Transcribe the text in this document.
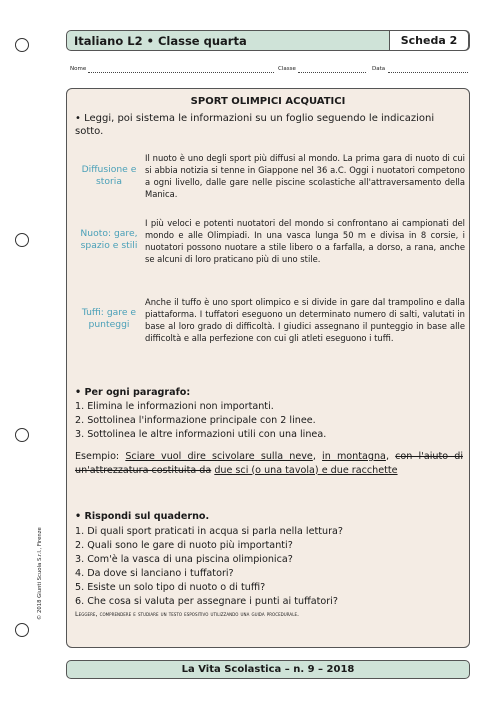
Italiano L2 • Classe quarta	Scheda 2
Nome	Classe	Data
SPORT OLIMPICI ACQUATICI
• Leggi, poi sistema le informazioni su un foglio seguendo le indicazioni sotto.
Diffusione e storia
Il nuoto è uno degli sport più diffusi al mondo. La prima gara di nuoto di cui si abbia notizia si tenne in Giappone nel 36 a.C. Oggi i nuotatori competono a ogni livello, dalle gare nelle piscine scolastiche all'attraversamento della Manica.
Nuoto: gare, spazio e stili
I più veloci e potenti nuotatori del mondo si confrontano ai campionati del mondo e alle Olimpiadi. In una vasca lunga 50 m e divisa in 8 corsie, i nuotatori possono nuotare a stile libero o a farfalla, a dorso, a rana, anche se alcuni di loro praticano più di uno stile.
Tuffi: gare e punteggi
Anche il tuffo è uno sport olimpico e si divide in gare dal trampolino e dalla piattaforma. I tuffatori eseguono un determinato numero di salti, valutati in base al loro grado di difficoltà. I giudici assegnano il punteggio in base alle difficoltà e alla perfezione con cui gli atleti eseguono i tuffi.
• Per ogni paragrafo:
1. Elimina le informazioni non importanti.
2. Sottolinea l'informazione principale con 2 linee.
3. Sottolinea le altre informazioni utili con una linea.
Esempio: Sciare vuol dire scivolare sulla neve, in montagna, con l'aiuto di un'attrezzatura costituita da due sci (o una tavola) e due racchette
• Rispondi sul quaderno.
1. Di quali sport praticati in acqua si parla nella lettura?
2. Quali sono le gare di nuoto più importanti?
3. Com'è la vasca di una piscina olimpionica?
4. Da dove si lanciano i tuffatori?
5. Esiste un solo tipo di nuoto o di tuffi?
6. Che cosa si valuta per assegnare i punti ai tuffatori?
Leggere, comprendere e studiare un testo espositivo utilizzando una guida procedurale.
© 2018 Giunti Scuola S.r.l., Firenze
La Vita Scolastica – n. 9 – 2018
